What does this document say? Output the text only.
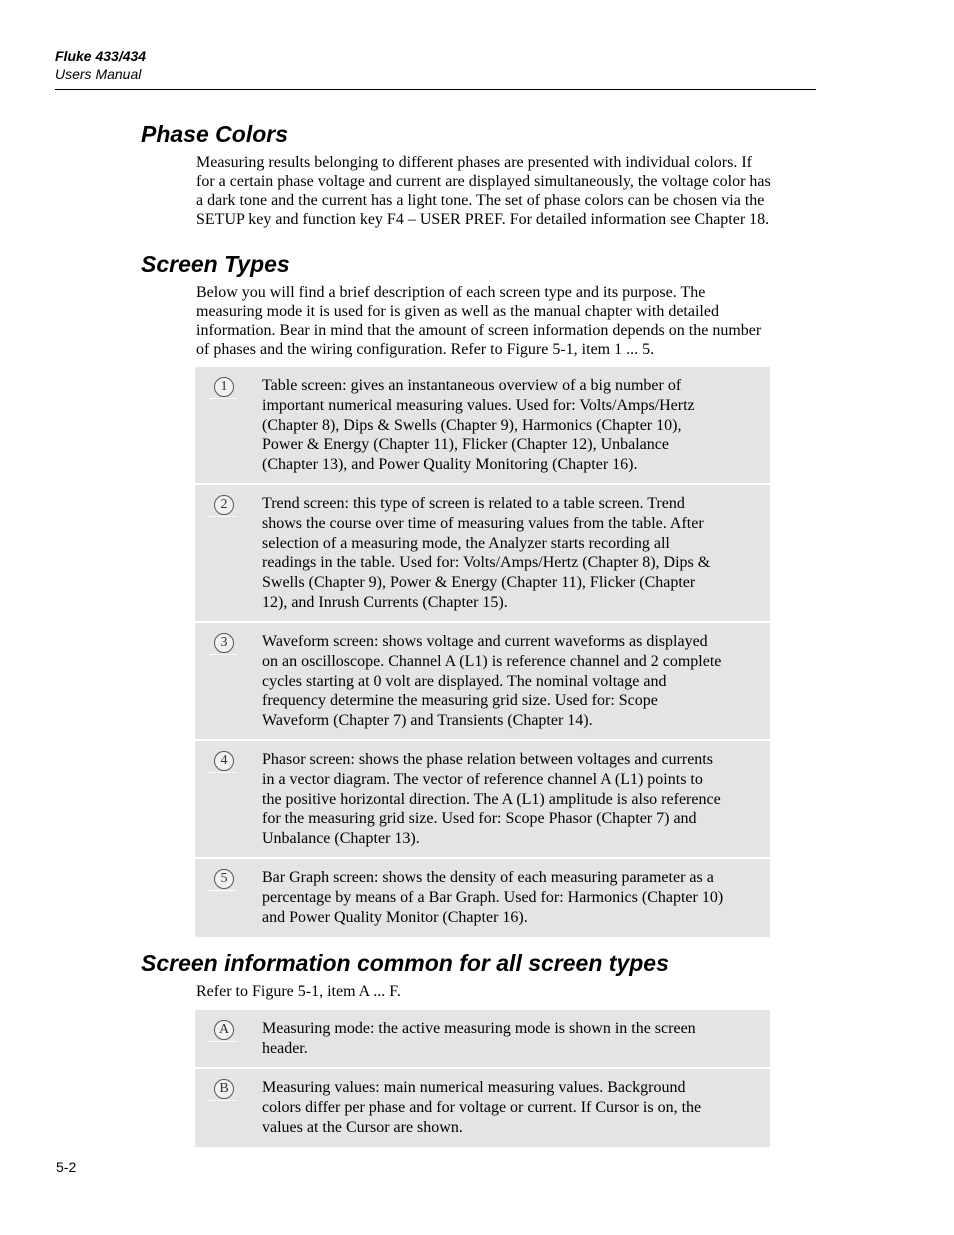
Fluke 433/434
Users Manual
Phase Colors
Measuring results belonging to different phases are presented with individual colors. If
for a certain phase voltage and current are displayed simultaneously, the voltage color has
a dark tone and the current has a light tone. The set of phase colors can be chosen via the
SETUP key and function key F4 – USER PREF. For detailed information see Chapter 18.
Screen Types
Below you will find a brief description of each screen type and its purpose. The
measuring mode it is used for is given as well as the manual chapter with detailed
information. Bear in mind that the amount of screen information depends on the number
of phases and the wiring configuration. Refer to Figure 5-1, item 1 ... 5.
1	Table screen: gives an instantaneous overview of a big number of
important numerical measuring values. Used for: Volts/Amps/Hertz
(Chapter 8), Dips & Swells (Chapter 9), Harmonics (Chapter 10),
Power & Energy (Chapter 11), Flicker (Chapter 12), Unbalance
(Chapter 13), and Power Quality Monitoring (Chapter 16).
2	Trend screen: this type of screen is related to a table screen. Trend
shows the course over time of measuring values from the table. After
selection of a measuring mode, the Analyzer starts recording all
readings in the table. Used for: Volts/Amps/Hertz (Chapter 8), Dips &
Swells (Chapter 9), Power & Energy (Chapter 11), Flicker (Chapter
12), and Inrush Currents (Chapter 15).
3	Waveform screen: shows voltage and current waveforms as displayed
on an oscilloscope. Channel A (L1) is reference channel and 2 complete
cycles starting at 0 volt are displayed. The nominal voltage and
frequency determine the measuring grid size. Used for: Scope
Waveform (Chapter 7) and Transients (Chapter 14).
4	Phasor screen: shows the phase relation between voltages and currents
in a vector diagram. The vector of reference channel A (L1) points to
the positive horizontal direction. The A (L1) amplitude is also reference
for the measuring grid size. Used for: Scope Phasor (Chapter 7) and
Unbalance (Chapter 13).
5	Bar Graph screen: shows the density of each measuring parameter as a
percentage by means of a Bar Graph. Used for: Harmonics (Chapter 10)
and Power Quality Monitor (Chapter 16).
Screen information common for all screen types
Refer to Figure 5-1, item A ... F.
A	Measuring mode: the active measuring mode is shown in the screen
header.
B	Measuring values: main numerical measuring values. Background
colors differ per phase and for voltage or current. If Cursor is on, the
values at the Cursor are shown.
5-2
